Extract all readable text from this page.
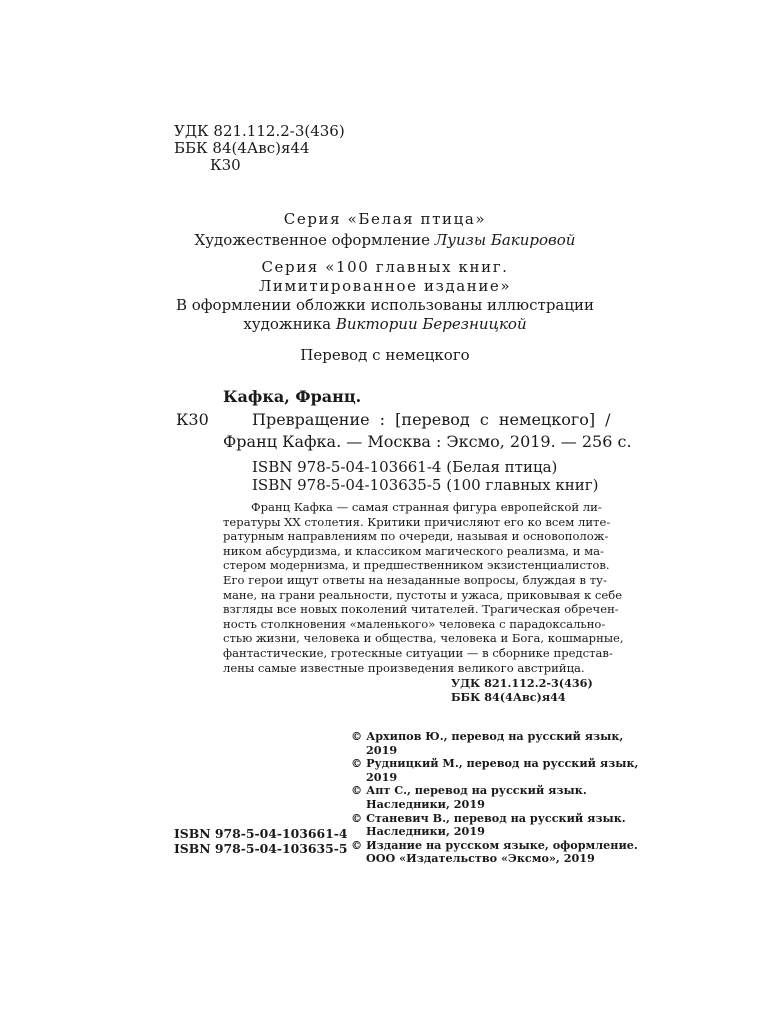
УДК 821.112.2-3(436)
ББК 84(4Авс)я44
К30
Серия «Белая птица»
Художественное оформление Луизы Бакировой
Серия «100 главных книг.
Лимитированное издание»
В оформлении обложки использованы иллюстрации
художника Виктории Березницкой
Перевод с немецкого
Кафка, Франц.
К30	Превращение : [перевод с немецкого] /
Франц Кафка. — Москва : Эксмо, 2019. — 256 с.
ISBN 978-5-04-103661-4 (Белая птица)
ISBN 978-5-04-103635-5 (100 главных книг)
Франц Кафка — самая странная фигура европейской ли-
тературы XX столетия. Критики причисляют его ко всем лите-
ратурным направлениям по очереди, называя и основополож-
ником абсурдизма, и классиком магического реализма, и ма-
стером модернизма, и предшественником экзистенциалистов.
Его герои ищут ответы на незаданные вопросы, блуждая в ту-
мане, на грани реальности, пустоты и ужаса, приковывая к себе
взгляды все новых поколений читателей. Трагическая обречен-
ность столкновения «маленького» человека с парадоксально-
стью жизни, человека и общества, человека и Бога, кошмарные,
фантастические, гротескные ситуации — в сборнике представ-
лены самые известные произведения великого австрийца.
УДК 821.112.2-3(436)
ББК 84(4Авс)я44
© Архипов Ю., перевод на русский язык,
2019
© Рудницкий М., перевод на русский язык,
2019
© Апт С., перевод на русский язык.
Наследники, 2019
© Станевич В., перевод на русский язык.
Наследники, 2019
© Издание на русском языке, оформление.
ООО «Издательство «Эксмо», 2019
ISBN 978-5-04-103661-4
ISBN 978-5-04-103635-5
